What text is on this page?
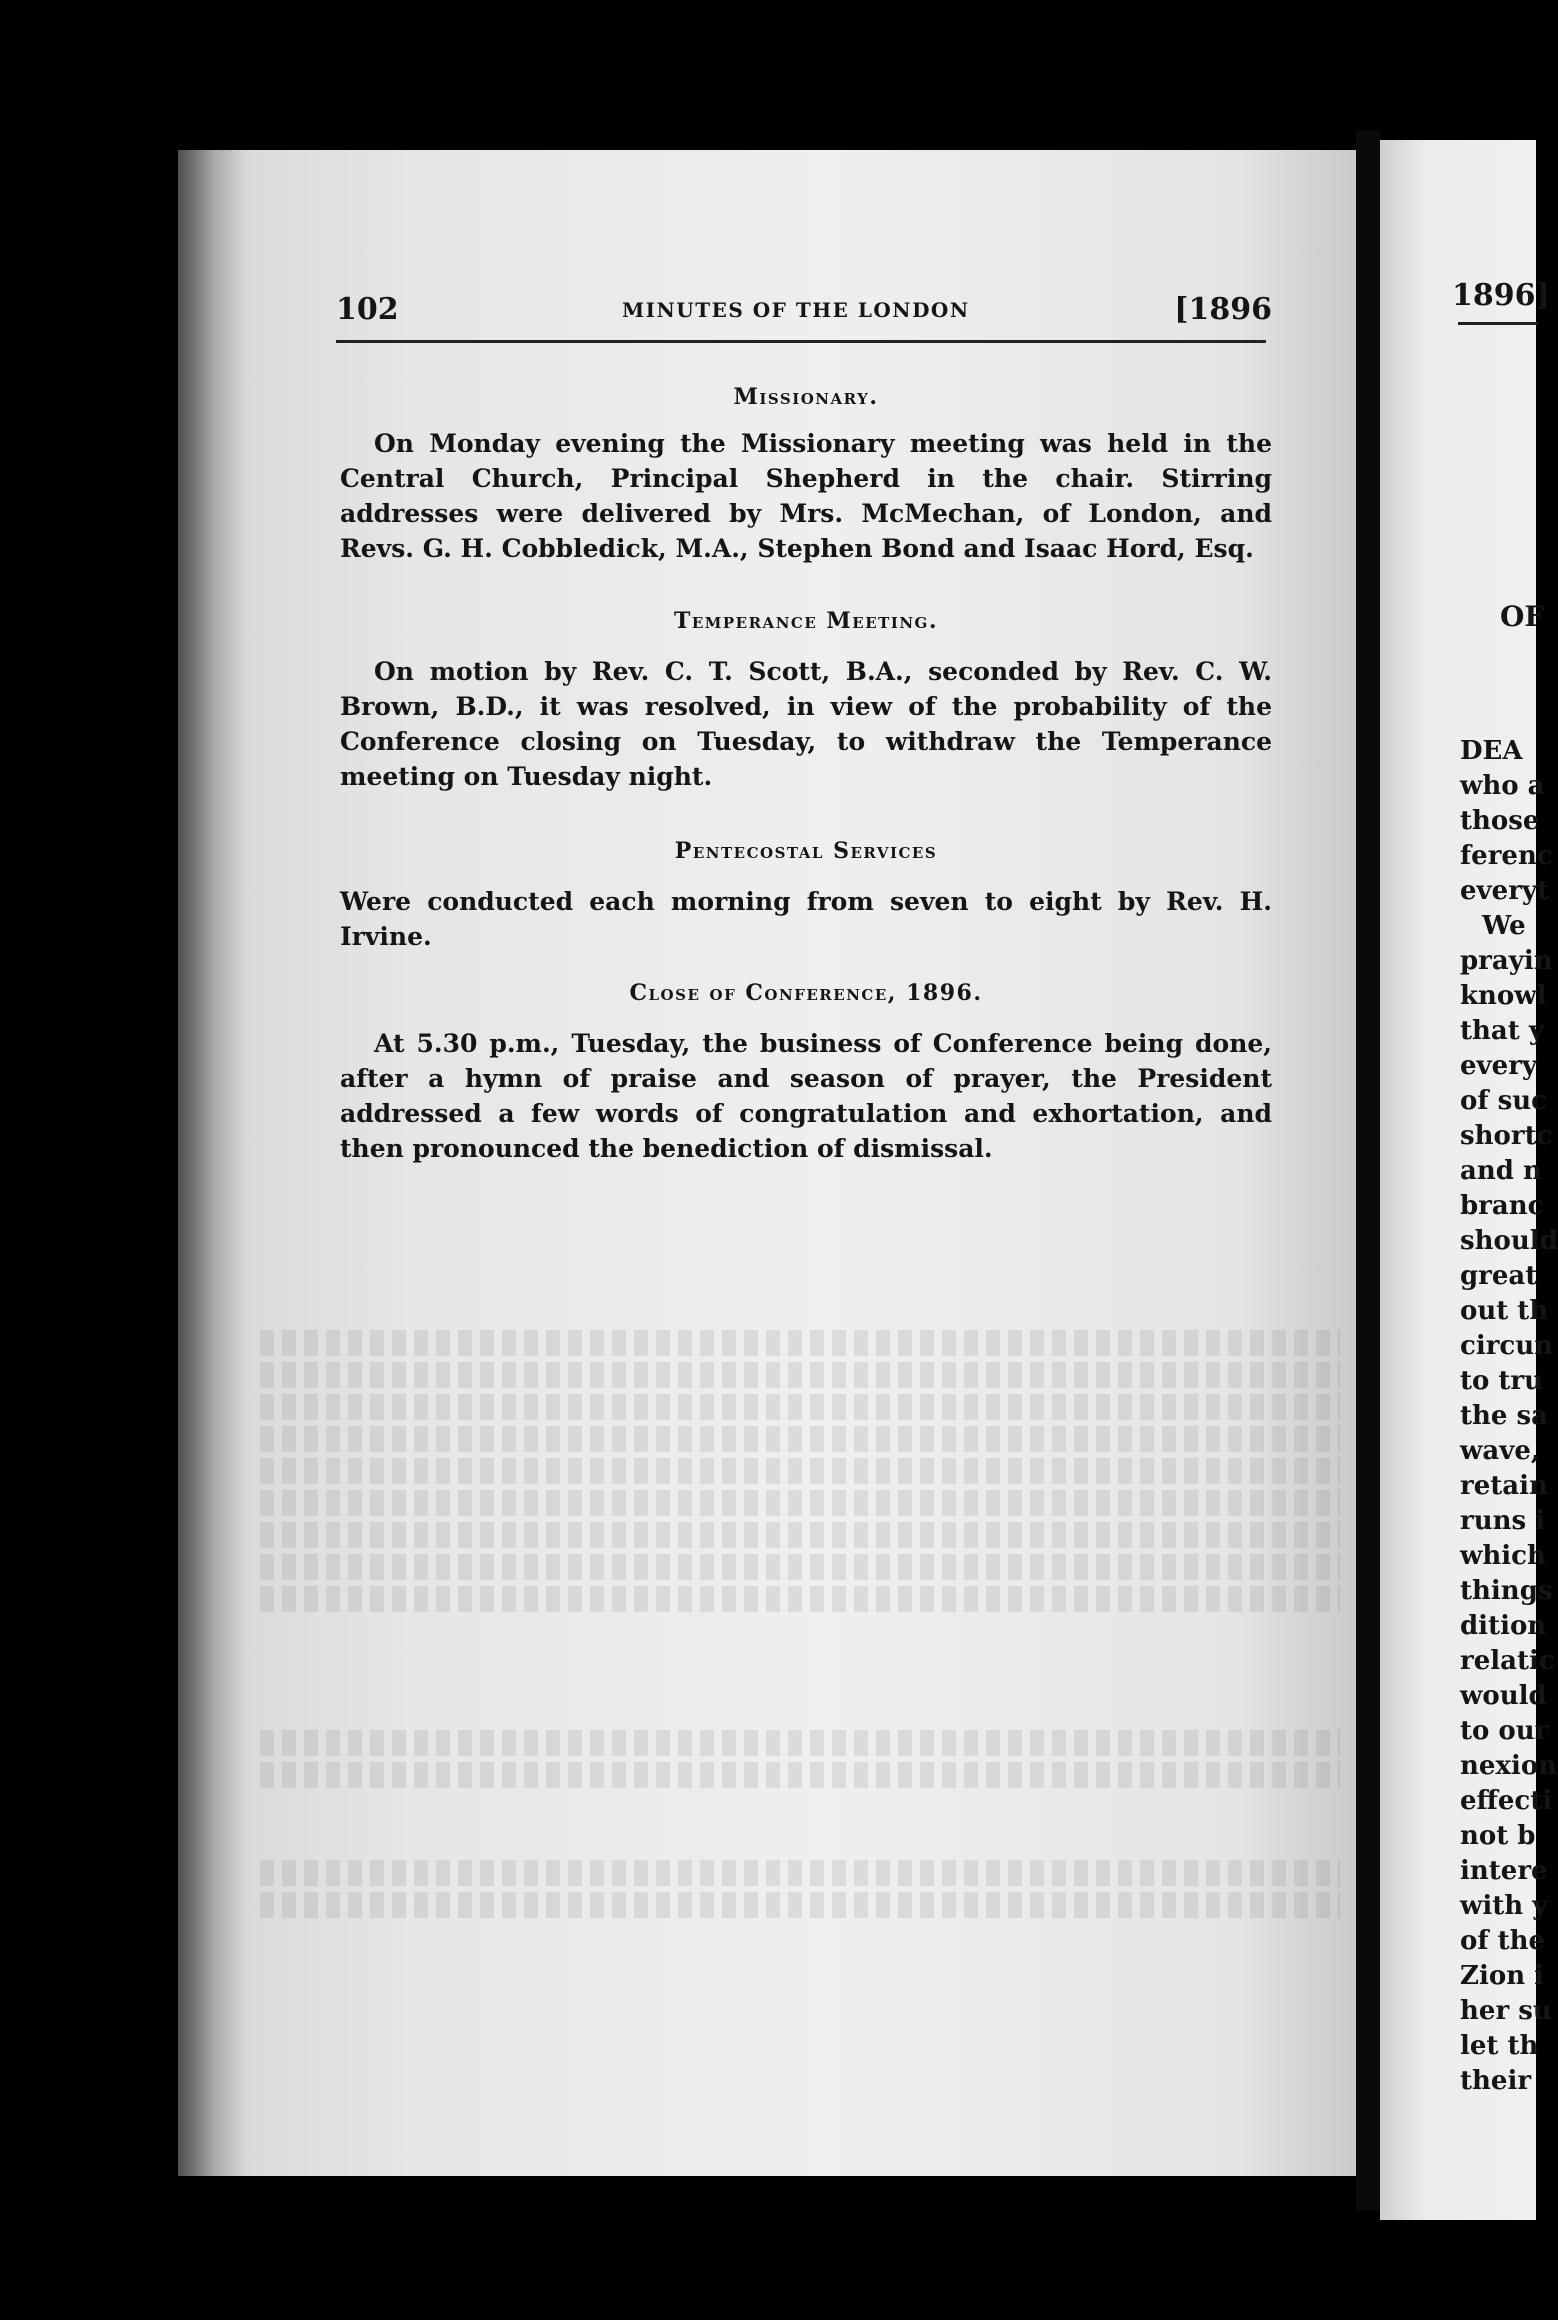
102	MINUTES OF THE LONDON	[1896
Missionary.

On Monday evening the Missionary meeting was held in the Central Church, Principal Shepherd in the chair. Stirring addresses were delivered by Mrs. McMechan, of London, and Revs. G. H. Cobbledick, M.A., Stephen Bond and Isaac Hord, Esq.

Temperance Meeting.

On motion by Rev. C. T. Scott, B.A., seconded by Rev. C. W. Brown, B.D., it was resolved, in view of the probability of the Conference closing on Tuesday, to withdraw the Temperance meeting on Tuesday night.

Pentecostal Services

Were conducted each morning from seven to eight by Rev. H. Irvine.

Close of Conference, 1896.

At 5.30 p.m., Tuesday, the business of Conference being done, after a hymn of praise and season of prayer, the President addressed a few words of congratulation and exhortation, and then pronounced the benediction of dismissal.

1896]
OF
DEA
who a
those
ferenc
everyt
We
prayin
knowl
that y
every
of suc
shortc
and n
branc
should
great
out th
circun
to tru
the sa
wave,
retain
runs i
which
things
dition
relatic
would
to our
nexion
effecti
not b
intere
with y
of the
Zion i
her su
let th
their
